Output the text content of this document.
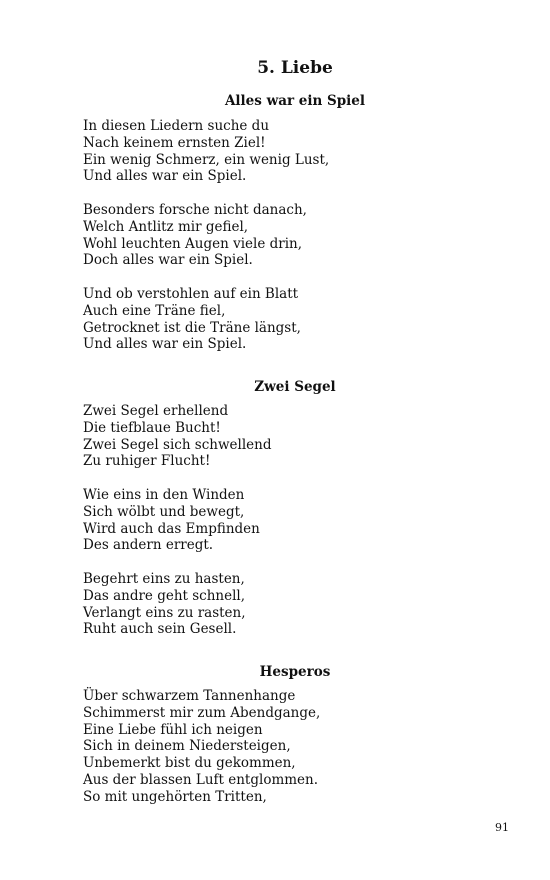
5. Liebe
Alles war ein Spiel
In diesen Liedern suche du
Nach keinem ernsten Ziel!
Ein wenig Schmerz, ein wenig Lust,
Und alles war ein Spiel.
Besonders forsche nicht danach,
Welch Antlitz mir gefiel,
Wohl leuchten Augen viele drin,
Doch alles war ein Spiel.
Und ob verstohlen auf ein Blatt
Auch eine Träne fiel,
Getrocknet ist die Träne längst,
Und alles war ein Spiel.
Zwei Segel
Zwei Segel erhellend
Die tiefblaue Bucht!
Zwei Segel sich schwellend
Zu ruhiger Flucht!
Wie eins in den Winden
Sich wölbt und bewegt,
Wird auch das Empfinden
Des andern erregt.
Begehrt eins zu hasten,
Das andre geht schnell,
Verlangt eins zu rasten,
Ruht auch sein Gesell.
Hesperos
Über schwarzem Tannenhange
Schimmerst mir zum Abendgange,
Eine Liebe fühl ich neigen
Sich in deinem Niedersteigen,
Unbemerkt bist du gekommen,
Aus der blassen Luft entglommen.
So mit ungehörten Tritten,
91
